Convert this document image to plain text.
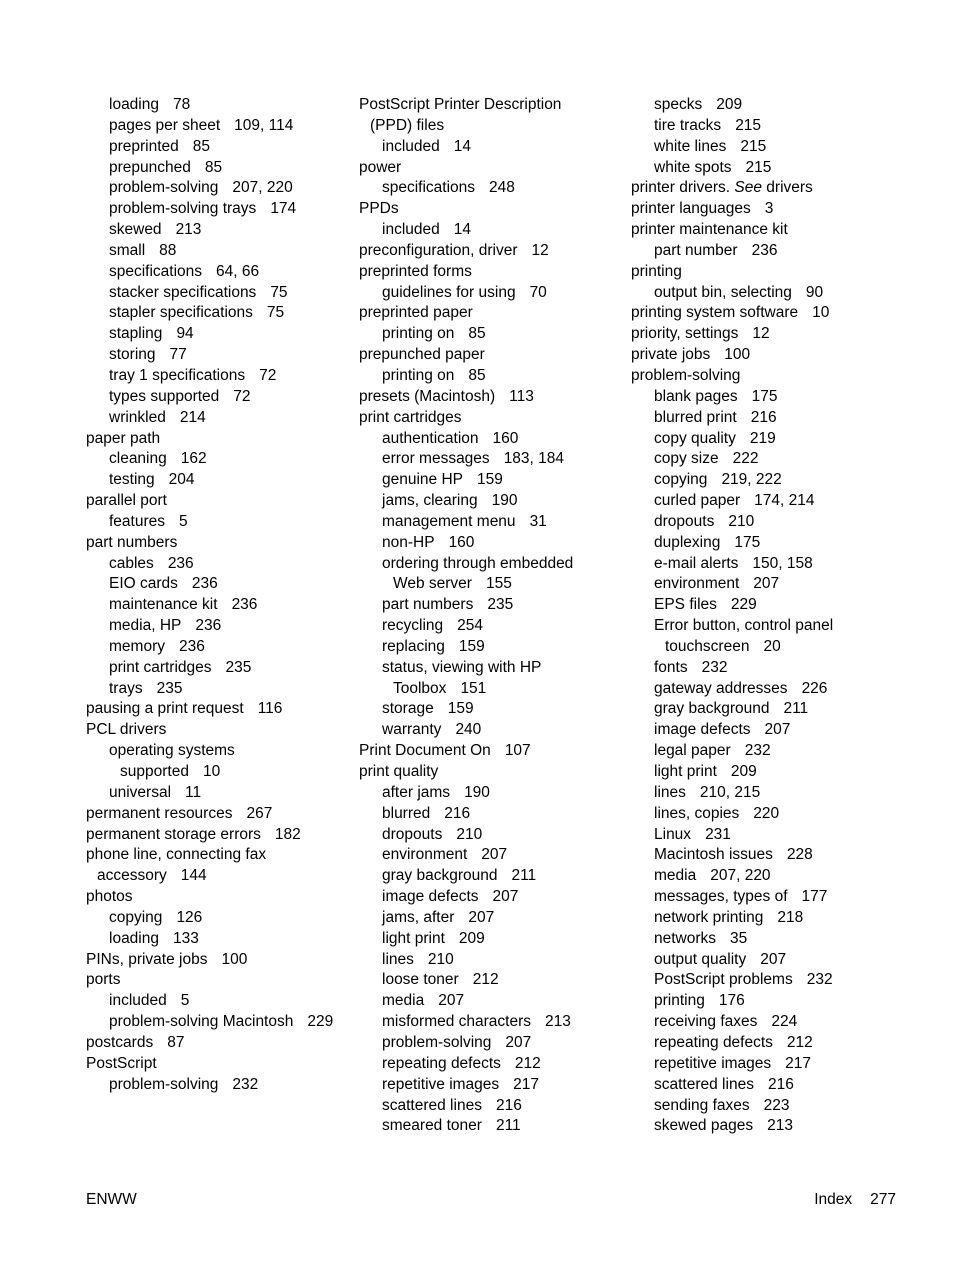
loading 78
pages per sheet 109, 114
preprinted 85
prepunched 85
problem-solving 207, 220
problem-solving trays 174
skewed 213
small 88
specifications 64, 66
stacker specifications 75
stapler specifications 75
stapling 94
storing 77
tray 1 specifications 72
types supported 72
wrinkled 214
paper path
cleaning 162
testing 204
parallel port
features 5
part numbers
cables 236
EIO cards 236
maintenance kit 236
media, HP 236
memory 236
print cartridges 235
trays 235
pausing a print request 116
PCL drivers
operating systems
supported 10
universal 11
permanent resources 267
permanent storage errors 182
phone line, connecting fax
accessory 144
photos
copying 126
loading 133
PINs, private jobs 100
ports
included 5
problem-solving Macintosh 229
postcards 87
PostScript
problem-solving 232
PostScript Printer Description
(PPD) files
included 14
power
specifications 248
PPDs
included 14
preconfiguration, driver 12
preprinted forms
guidelines for using 70
preprinted paper
printing on 85
prepunched paper
printing on 85
presets (Macintosh) 113
print cartridges
authentication 160
error messages 183, 184
genuine HP 159
jams, clearing 190
management menu 31
non-HP 160
ordering through embedded
Web server 155
part numbers 235
recycling 254
replacing 159
status, viewing with HP
Toolbox 151
storage 159
warranty 240
Print Document On 107
print quality
after jams 190
blurred 216
dropouts 210
environment 207
gray background 211
image defects 207
jams, after 207
light print 209
lines 210
loose toner 212
media 207
misformed characters 213
problem-solving 207
repeating defects 212
repetitive images 217
scattered lines 216
smeared toner 211
specks 209
tire tracks 215
white lines 215
white spots 215
printer drivers. See drivers
printer languages 3
printer maintenance kit
part number 236
printing
output bin, selecting 90
printing system software 10
priority, settings 12
private jobs 100
problem-solving
blank pages 175
blurred print 216
copy quality 219
copy size 222
copying 219, 222
curled paper 174, 214
dropouts 210
duplexing 175
e-mail alerts 150, 158
environment 207
EPS files 229
Error button, control panel
touchscreen 20
fonts 232
gateway addresses 226
gray background 211
image defects 207
legal paper 232
light print 209
lines 210, 215
lines, copies 220
Linux 231
Macintosh issues 228
media 207, 220
messages, types of 177
network printing 218
networks 35
output quality 207
PostScript problems 232
printing 176
receiving faxes 224
repeating defects 212
repetitive images 217
scattered lines 216
sending faxes 223
skewed pages 213
ENWW	Index 277
